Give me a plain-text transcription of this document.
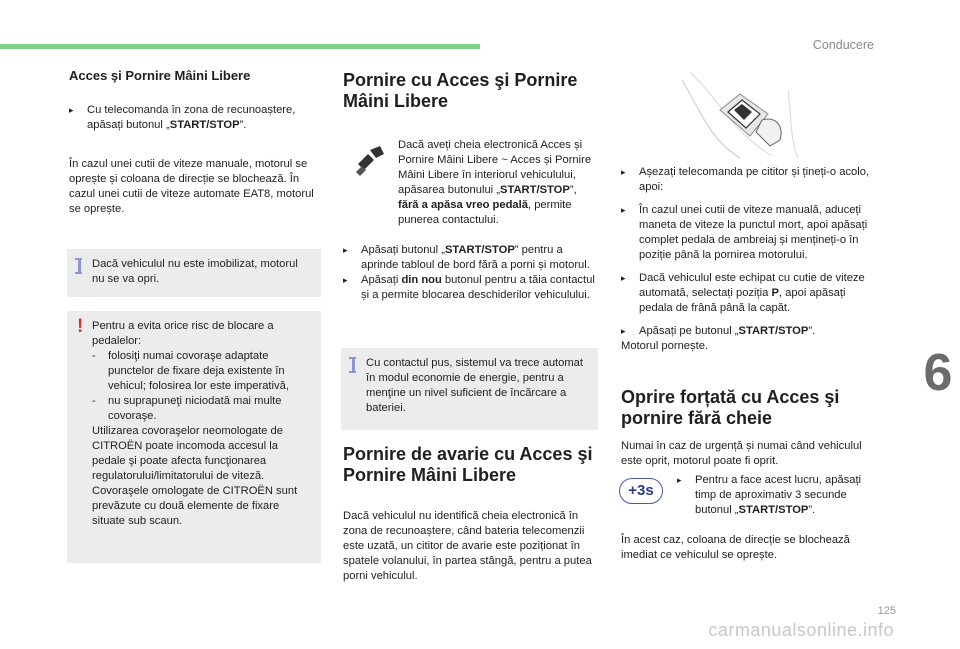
Conducere

Acces şi Pornire Mâini Libere

▸	Cu telecomanda în zona de recunoaștere, apăsați butonul „START/STOP”.

În cazul unei cutii de viteze manuale, motorul se oprește și coloana de direcție se blochează. În cazul unei cutii de viteze automate EAT8, motorul se oprește.

Dacă vehiculul nu este imobilizat, motorul nu se va opri.

! Pentru a evita orice risc de blocare a pedalelor:

-	folosiţi numai covoraşe adaptate punctelor de fixare deja existente în vehicul; folosirea lor este imperativă,

-	nu suprapuneţi niciodată mai multe covoraşe.

Utilizarea covoraşelor neomologate de CITROËN poate incomoda accesul la pedale şi poate afecta funcţionarea regulatorului/limitatorului de viteză. Covoraşele omologate de CITROËN sunt prevăzute cu două elemente de fixare situate sub scaun.

Pornire cu Acces şi Pornire Mâini Libere

Dacă aveți cheia electronică Acces și Pornire Mâini Libere ~ Acces și Pornire Mâini Libere în interiorul vehiculului, apăsarea butonului „START/STOP”, fără a apăsa vreo pedală, permite punerea contactului.

▸	Apăsați butonul „START/STOP” pentru a aprinde tabloul de bord fără a porni și motorul.

▸	Apăsați din nou butonul pentru a tăia contactul și a permite blocarea deschiderilor vehiculului.

Cu contactul pus, sistemul va trece automat în modul economie de energie, pentru a menţine un nivel suficient de încărcare a bateriei.

Pornire de avarie cu Acces şi Pornire Mâini Libere

Dacă vehiculul nu identifică cheia electronică în zona de recunoaștere, când bateria telecomenzii este uzată, un cititor de avarie este poziționat în spatele volanului, în partea stângă, pentru a putea porni vehiculul.

▸	Așezați telecomanda pe cititor și țineți-o acolo, apoi:

▸	În cazul unei cutii de viteze manuală, aduceți maneta de viteze la punctul mort, apoi apăsați complet pedala de ambreiaj și mențineți-o în poziție până la pornirea motorului.

▸	Dacă vehiculul este echipat cu cutie de viteze automată, selectați poziția P, apoi apăsați pedala de frână până la capăt.

▸	Apăsați pe butonul „START/STOP”.

Motorul pornește.

Oprire forțată cu Acces şi pornire fără cheie

Numai în caz de urgență și numai când vehiculul este oprit, motorul poate fi oprit.

+3s
▸	Pentru a face acest lucru, apăsați timp de aproximativ 3 secunde butonul „START/STOP”.

În acest caz, coloana de direcție se blochează imediat ce vehiculul se oprește.

6
125
carmanualsonline.info
